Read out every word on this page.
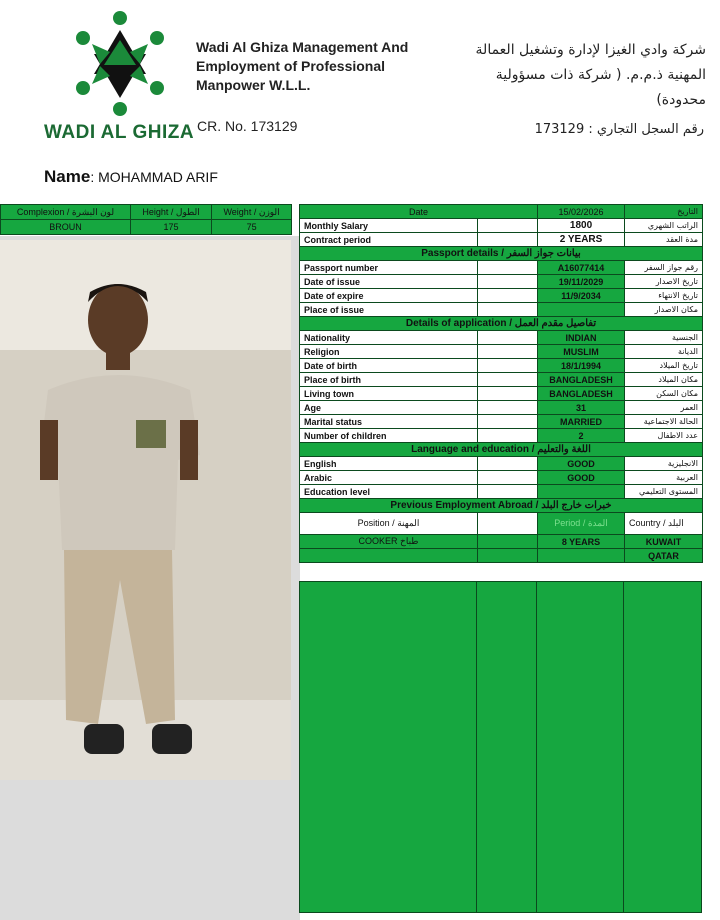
WADI AL GHIZA
Wadi Al Ghiza Management And Employment of Professional Manpower W.L.L.
CR. No. 173129
شركة وادي الغيزا لإدارة وتشغيل العمالة المهنية ذ.م.م. ( شركة ذات مسؤولية محدودة)
رقم السجل التجاري : 173129
Name: MOHAMMAD ARIF
Complexion / لون البشرة	Height / الطول	Weight / الوزن
BROUN	175	75
Date		15/02/2026	التاريخ
Monthly Salary		1800	الراتب الشهري
Contract period		2 YEARS	مدة العقد
Passport details / بيانات جواز السفر			
Passport number		A16077414	رقم جواز السفر
Date of issue		19/11/2029	تاريخ الاصدار
Date of expire		11/9/2034	تاريخ الانتهاء
Place of issue			مكان الاصدار
Details of application / تفاصيل مقدم العمل			
Nationality		INDIAN	الجنسية
Religion		MUSLIM	الديانة
Date of birth		18/1/1994	تاريخ الميلاد
Place of birth		BANGLADESH	مكان الميلاد
Living town		BANGLADESH	مكان السكن
Age		31	العمر
Marital status		MARRIED	الحالة الاجتماعية
Number of children		2	عدد الاطفال
Language and education / اللغة والتعليم			
English		GOOD	الانجليزية
Arabic		GOOD	العربية
Education level			المستوى التعليمي
Previous Employment Abroad / خبرات خارج البلد			
Position / المهنة		Period / المدة	Country / البلد
COOKER طباخ		8 YEARS	KUWAIT
			QATAR
